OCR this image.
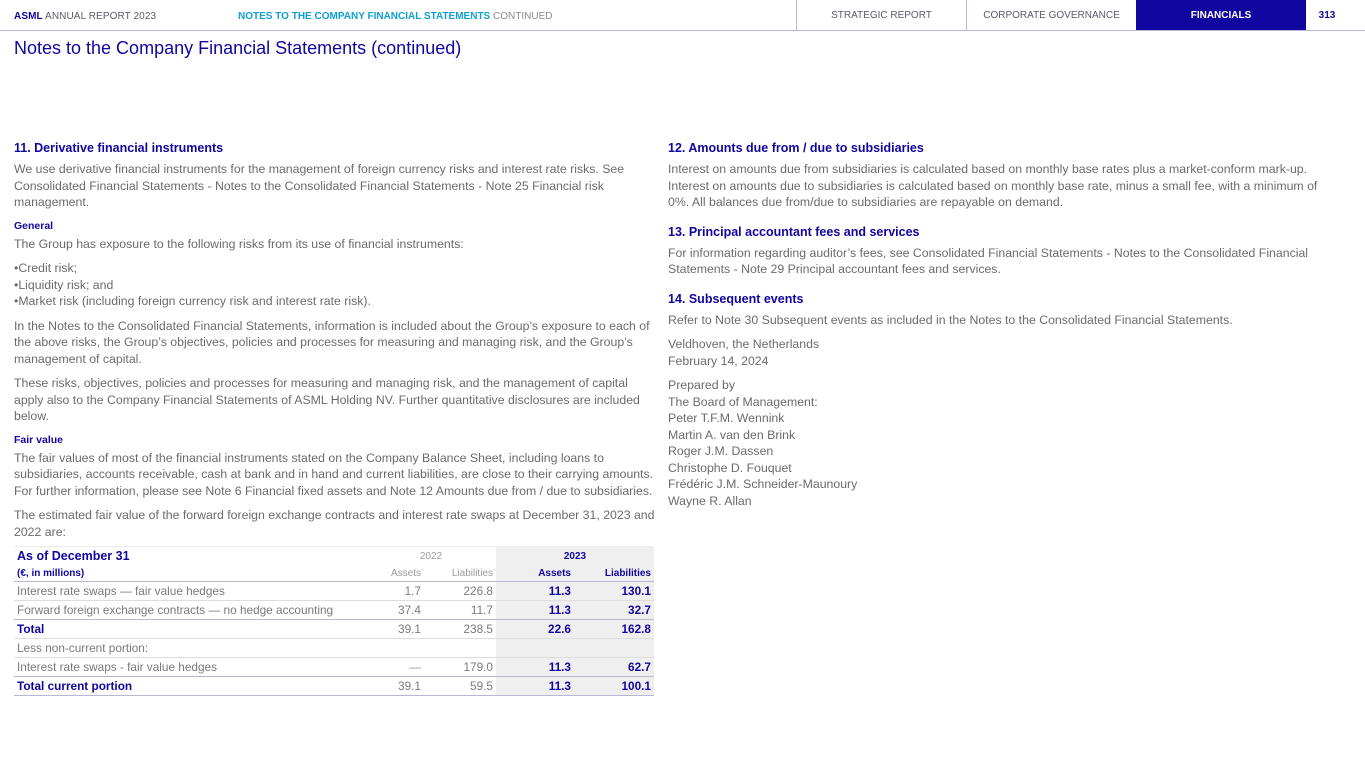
ASML ANNUAL REPORT 2023	NOTES TO THE COMPANY FINANCIAL STATEMENTS CONTINUED	STRATEGIC REPORT	CORPORATE GOVERNANCE	FINANCIALS	313
Notes to the Company Financial Statements (continued)
11. Derivative financial instruments

We use derivative financial instruments for the management of foreign currency risks and interest rate risks. See Consolidated Financial Statements - Notes to the Consolidated Financial Statements - Note 25 Financial risk management.

General

The Group has exposure to the following risks from its use of financial instruments:

• Credit risk;
• Liquidity risk; and
• Market risk (including foreign currency risk and interest rate risk).

In the Notes to the Consolidated Financial Statements, information is included about the Group’s exposure to each of the above risks, the Group’s objectives, policies and processes for measuring and managing risk, and the Group’s management of capital.

These risks, objectives, policies and processes for measuring and managing risk, and the management of capital apply also to the Company Financial Statements of ASML Holding NV. Further quantitative disclosures are included below.

Fair value

The fair values of most of the financial instruments stated on the Company Balance Sheet, including loans to subsidiaries, accounts receivable, cash at bank and in hand and current liabilities, are close to their carrying amounts. For further information, please see Note 6 Financial fixed assets and Note 12 Amounts due from / due to subsidiaries.

The estimated fair value of the forward foreign exchange contracts and interest rate swaps at December 31, 2023 and 2022 are:

As of December 31	2022		2023	
(€, in millions)	Assets	Liabilities	Assets	Liabilities
Interest rate swaps — fair value hedges	1.7	226.8	11.3	130.1
Forward foreign exchange contracts — no hedge accounting	37.4	11.7	11.3	32.7
Total	39.1	238.5	22.6	162.8
Less non-current portion:				
Interest rate swaps - fair value hedges	—	179.0	11.3	62.7
Total current portion	39.1	59.5	11.3	100.1
12. Amounts due from / due to subsidiaries

Interest on amounts due from subsidiaries is calculated based on monthly base rates plus a market-conform mark-up. Interest on amounts due to subsidiaries is calculated based on monthly base rate, minus a small fee, with a minimum of 0%. All balances due from/due to subsidiaries are repayable on demand.

13. Principal accountant fees and services

For information regarding auditor’s fees, see Consolidated Financial Statements - Notes to the Consolidated Financial Statements - Note 29 Principal accountant fees and services.

14. Subsequent events

Refer to Note 30 Subsequent events as included in the Notes to the Consolidated Financial Statements.

Veldhoven, the Netherlands

February 14, 2024

Prepared by

The Board of Management:

Peter T.F.M. Wennink

Martin A. van den Brink

Roger J.M. Dassen

Christophe D. Fouquet

Frédéric J.M. Schneider-Maunoury

Wayne R. Allan
